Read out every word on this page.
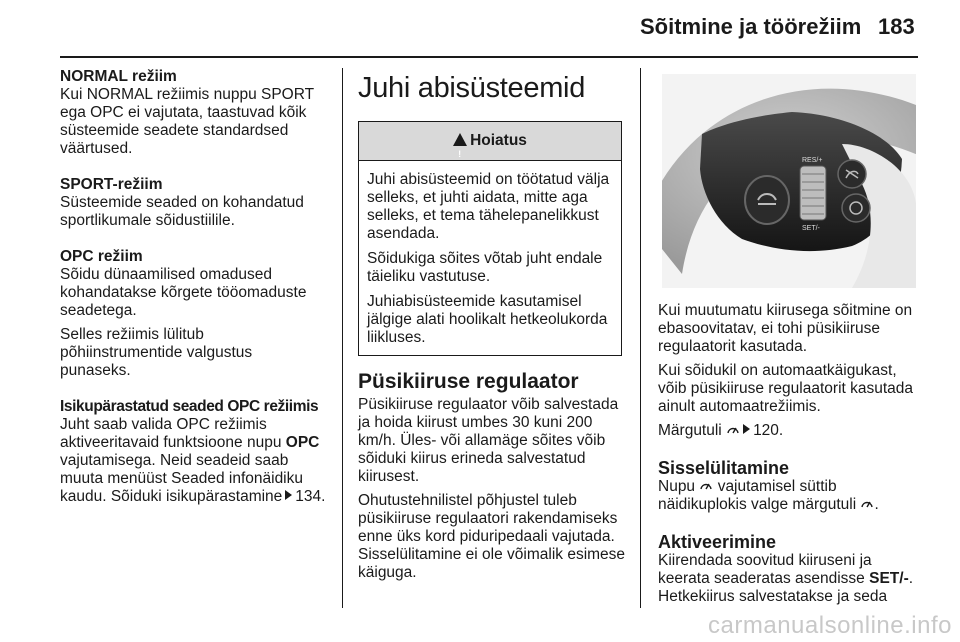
Sõitmine ja töörežiim 183

NORMAL režiim

Kui NORMAL režiimis nuppu SPORT ega OPC ei vajutata, taastuvad kõik süsteemide seadete standardsed väärtused.

SPORT-režiim

Süsteemide seaded on kohandatud sportlikumale sõidustiilile.

OPC režiim

Sõidu dünaamilised omadused kohandatakse kõrgete tööomaduste seadetega.

Selles režiimis lülitub põhiinstrumentide valgustus punaseks.

Isikupärastatud seaded OPC režiimis

Juht saab valida OPC režiimis aktiveeritavaid funktsioone nupu OPC vajutamisega. Neid seadeid saab muuta menüüst Seaded infonäidiku kaudu. Sõiduki isikupärastamine 134.

Juhi abisüsteemid
!Hoiatus

Juhi abisüsteemid on töötatud välja selleks, et juhti aidata, mitte aga selleks, et tema tähelepanelikkust asendada.

Sõidukiga sõites võtab juht endale täieliku vastutuse.

Juhiabisüsteemide kasutamisel jälgige alati hoolikalt hetkeolukorda liikluses.

Püsikiiruse regulaator

Püsikiiruse regulaator võib salvestada ja hoida kiirust umbes 30 kuni 200 km/h. Üles- või allamäge sõites võib sõiduki kiirus erineda salvestatud kiirusest.

Ohutustehnilistel põhjustel tuleb püsikiiruse regulaatori rakendamiseks enne üks kord piduripedaali vajutada.

Sisselülitamine ei ole võimalik esimese käiguga.

RES/+
SET/-

Kui muutumatu kiirusega sõitmine on ebasoovitatav, ei tohi püsikiiruse regulaatorit kasutada.

Kui sõidukil on automaatkäigukast, võib püsikiiruse regulaatorit kasutada ainult automaatrežiimis.

Märgutuli 120.

Sisselülitamine

Nupu vajutamisel süttib näidikuplokis valge märgutuli .

Aktiveerimine

Kiirendada soovitud kiiruseni ja keerata seaderatas asendisse SET/-. Hetkekiirus salvestatakse ja seda

carmanualsonline.info
